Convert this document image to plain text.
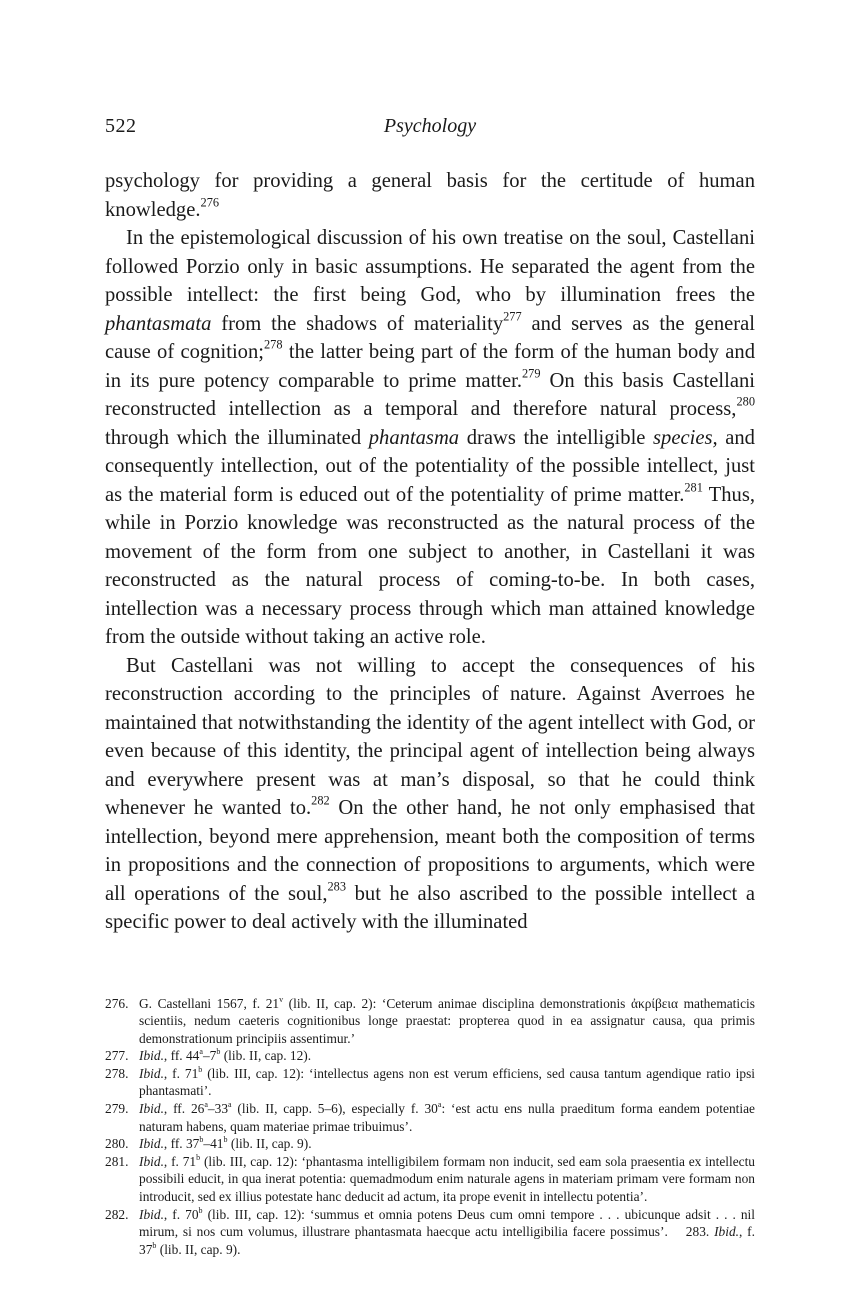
522	Psychology

psychology for providing a general basis for the certitude of human knowledge.$^{276}$

In the epistemological discussion of his own treatise on the soul, Castellani followed Porzio only in basic assumptions. He separated the agent from the possible intellect: the first being God, who by illumination frees the phantasmata from the shadows of materiality$^{277}$ and serves as the general cause of cognition;$^{278}$ the latter being part of the form of the human body and in its pure potency comparable to prime matter.$^{279}$ On this basis Castellani reconstructed intellection as a temporal and therefore natural process,$^{280}$ through which the illuminated phantasma draws the intelligible species, and consequently intellection, out of the potentiality of the possible intellect, just as the material form is educed out of the potentiality of prime matter.$^{281}$ Thus, while in Porzio knowledge was reconstructed as the natural process of the movement of the form from one subject to another, in Castellani it was reconstructed as the natural process of coming-to-be. In both cases, intellection was a necessary process through which man attained knowledge from the outside without taking an active role.

But Castellani was not willing to accept the consequences of his reconstruction according to the principles of nature. Against Averroes he maintained that notwithstanding the identity of the agent intellect with God, or even because of this identity, the principal agent of intellection being always and everywhere present was at man’s disposal, so that he could think whenever he wanted to.$^{282}$ On the other hand, he not only emphasised that intellection, beyond mere apprehension, meant both the composition of terms in propositions and the connection of propositions to arguments, which were all operations of the soul,$^{283}$ but he also ascribed to the possible intellect a specific power to deal actively with the illuminated

276. G. Castellani 1567, f. 21$^v$ (lib. II, cap. 2): ‘Ceterum animae disciplina demonstrationis ἀκρίβεια mathematicis scientiis, nedum caeteris cognitionibus longe praestat: propterea quod in ea assignatur causa, qua primis demonstrationum principiis assentimur.’

277. Ibid., ff. 44$^a$–7$^b$ (lib. II, cap. 12).

278. Ibid., f. 71$^b$ (lib. III, cap. 12): ‘intellectus agens non est verum efficiens, sed causa tantum agendique ratio ipsi phantasmati’.

279. Ibid., ff. 26$^a$–33$^a$ (lib. II, capp. 5–6), especially f. 30$^a$: ‘est actu ens nulla praeditum forma eandem potentiae naturam habens, quam materiae primae tribuimus’.

280. Ibid., ff. 37$^b$–41$^b$ (lib. II, cap. 9).

281. Ibid., f. 71$^b$ (lib. III, cap. 12): ‘phantasma intelligibilem formam non inducit, sed eam sola praesentia ex intellectu possibili educit, in qua inerat potentia: quemadmodum enim naturale agens in materiam primam vere formam non introducit, sed ex illius potestate hanc deducit ad actum, ita prope evenit in intellectu potentia’.

282. Ibid., f. 70$^b$ (lib. III, cap. 12): ‘summus et omnia potens Deus cum omni tempore . . . ubicunque adsit . . . nil mirum, si nos cum volumus, illustrare phantasmata haecque actu intelligibilia facere possimus’. 283. Ibid., f. 37$^b$ (lib. II, cap. 9).
